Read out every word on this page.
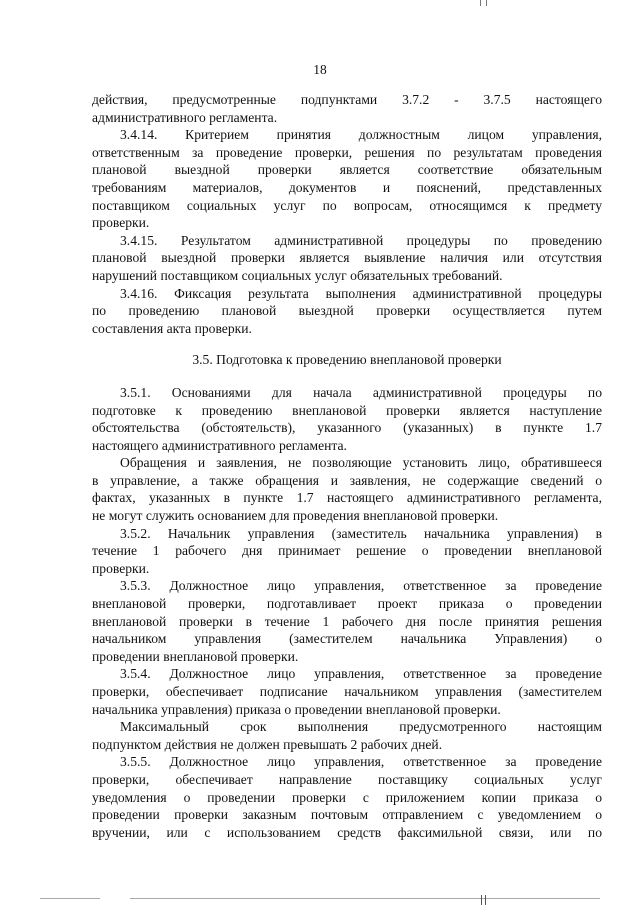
18
действия, предусмотренные подпунктами 3.7.2 - 3.7.5 настоящего
административного регламента.
3.4.14. Критерием принятия должностным лицом управления,
ответственным за проведение проверки, решения по результатам проведения
плановой выездной проверки является соответствие обязательным
требованиям материалов, документов и пояснений, представленных
поставщиком социальных услуг по вопросам, относящимся к предмету
проверки.
3.4.15. Результатом административной процедуры по проведению
плановой выездной проверки является выявление наличия или отсутствия
нарушений поставщиком социальных услуг обязательных требований.
3.4.16. Фиксация результата выполнения административной процедуры
по проведению плановой выездной проверки осуществляется путем
составления акта проверки.
3.5. Подготовка к проведению внеплановой проверки
3.5.1. Основаниями для начала административной процедуры по
подготовке к проведению внеплановой проверки является наступление
обстоятельства (обстоятельств), указанного (указанных) в пункте 1.7
настоящего административного регламента.
Обращения и заявления, не позволяющие установить лицо, обратившееся
в управление, а также обращения и заявления, не содержащие сведений о
фактах, указанных в пункте 1.7 настоящего административного регламента,
не могут служить основанием для проведения внеплановой проверки.
3.5.2. Начальник управления (заместитель начальника управления) в
течение 1 рабочего дня принимает решение о проведении внеплановой
проверки.
3.5.3. Должностное лицо управления, ответственное за проведение
внеплановой проверки, подготавливает проект приказа о проведении
внеплановой проверки в течение 1 рабочего дня после принятия решения
начальником управления (заместителем начальника Управления) о
проведении внеплановой проверки.
3.5.4. Должностное лицо управления, ответственное за проведение
проверки, обеспечивает подписание начальником управления (заместителем
начальника управления) приказа о проведении внеплановой проверки.
Максимальный срок выполнения предусмотренного настоящим
подпунктом действия не должен превышать 2 рабочих дней.
3.5.5. Должностное лицо управления, ответственное за проведение
проверки, обеспечивает направление поставщику социальных услуг
уведомления о проведении проверки с приложением копии приказа о
проведении проверки заказным почтовым отправлением с уведомлением о
вручении, или с использованием средств факсимильной связи, или по
